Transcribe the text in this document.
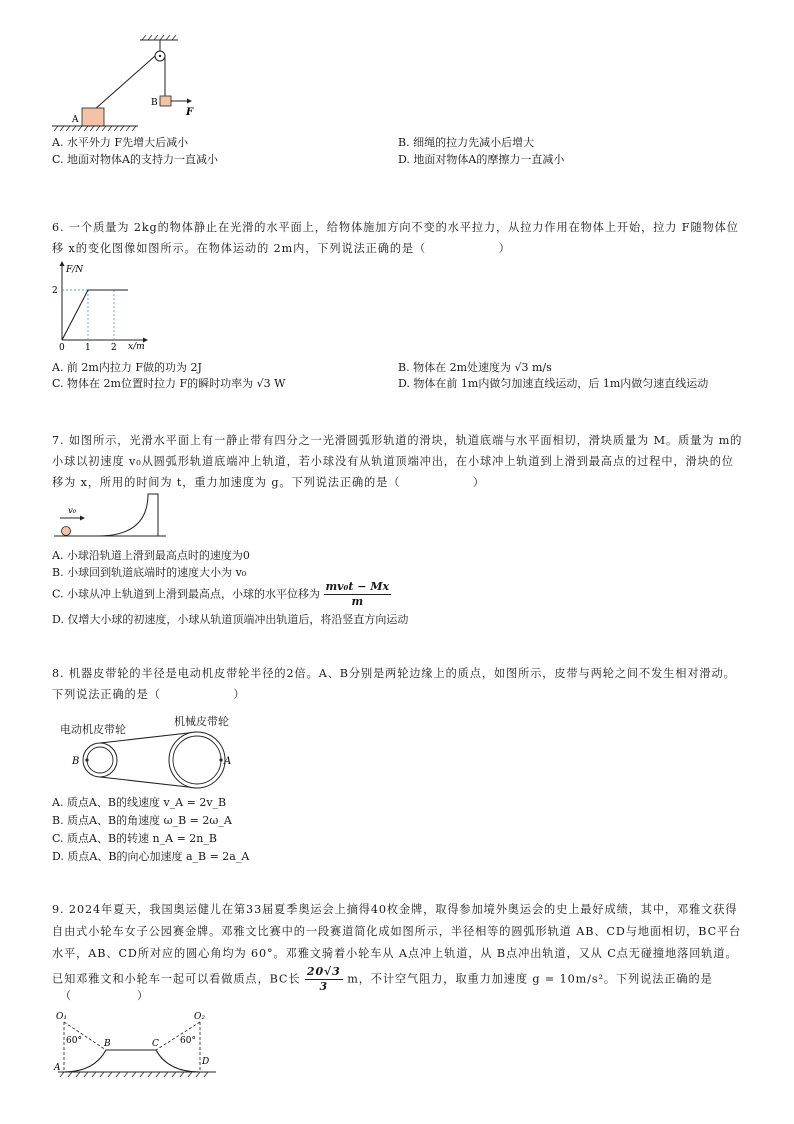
B
F
A
A. 水平外力 F先增大后减小	B. 细绳的拉力先减小后增大
C. 地面对物体A的支持力一直减小	D. 地面对物体A的摩擦力一直减小
6. 一个质量为 2kg的物体静止在光滑的水平面上，给物体施加方向不变的水平拉力，从拉力作用在物体上开始，拉力 F随物体位移 x的变化图像如图所示。在物体运动的 2m内，下列说法正确的是（　　　　　　）
F/N
x/m
2
0 1 2
A. 前 2m内拉力 F做的功为 2J	B. 物体在 2m处速度为 √3 m/s
C. 物体在 2m位置时拉力 F的瞬时功率为 √3 W	D. 物体在前 1m内做匀加速直线运动，后 1m内做匀速直线运动
7. 如图所示，光滑水平面上有一静止带有四分之一光滑圆弧形轨道的滑块，轨道底端与水平面相切，滑块质量为 M。质量为 m的小球以初速度 v₀从圆弧形轨道底端冲上轨道，若小球没有从轨道顶端冲出，在小球冲上轨道到上滑到最高点的过程中，滑块的位移为 x，所用的时间为 t，重力加速度为 g。下列说法正确的是（　　　　　　）
v₀
A. 小球沿轨道上滑到最高点时的速度为0
B. 小球回到轨道底端时的速度大小为 v₀
C. 小球从冲上轨道到上滑到最高点，小球的水平位移为 $\frac{\text{mv₀t − Mx}}{m}$
D. 仅增大小球的初速度，小球从轨道顶端冲出轨道后，将沿竖直方向运动
8. 机器皮带轮的半径是电动机皮带轮半径的2倍。A、B分别是两轮边缘上的质点，如图所示，皮带与两轮之间不发生相对滑动。下列说法正确的是（　　　　　　）
电动机皮带轮
机械皮带轮
B	A
A. 质点A、B的线速度 v_A = 2v_B
B. 质点A、B的角速度 ω_B = 2ω_A
C. 质点A、B的转速 n_A = 2n_B
D. 质点A、B的向心加速度 a_B = 2a_A
9. 2024年夏天，我国奥运健儿在第33届夏季奥运会上摘得40枚金牌，取得参加境外奥运会的史上最好成绩，其中，邓雅文获得自由式小轮车女子公园赛金牌。邓雅文比赛中的一段赛道简化成如图所示，半径相等的圆弧形轨道 AB、CD与地面相切，BC平台水平，AB、CD所对应的圆心角均为 60°。邓雅文骑着小轮车从 A点冲上轨道，从 B点冲出轨道，又从 C点无碰撞地落回轨道。已知邓雅文和小轮车一起可以看做质点，BC长 $\frac{20√3}{3}$ m，不计空气阻力，取重力加速度 g = 10m/s²。下列说法正确的是
（　　　　　　）
O₁	O₂
60°	60°
A
B	C
D
